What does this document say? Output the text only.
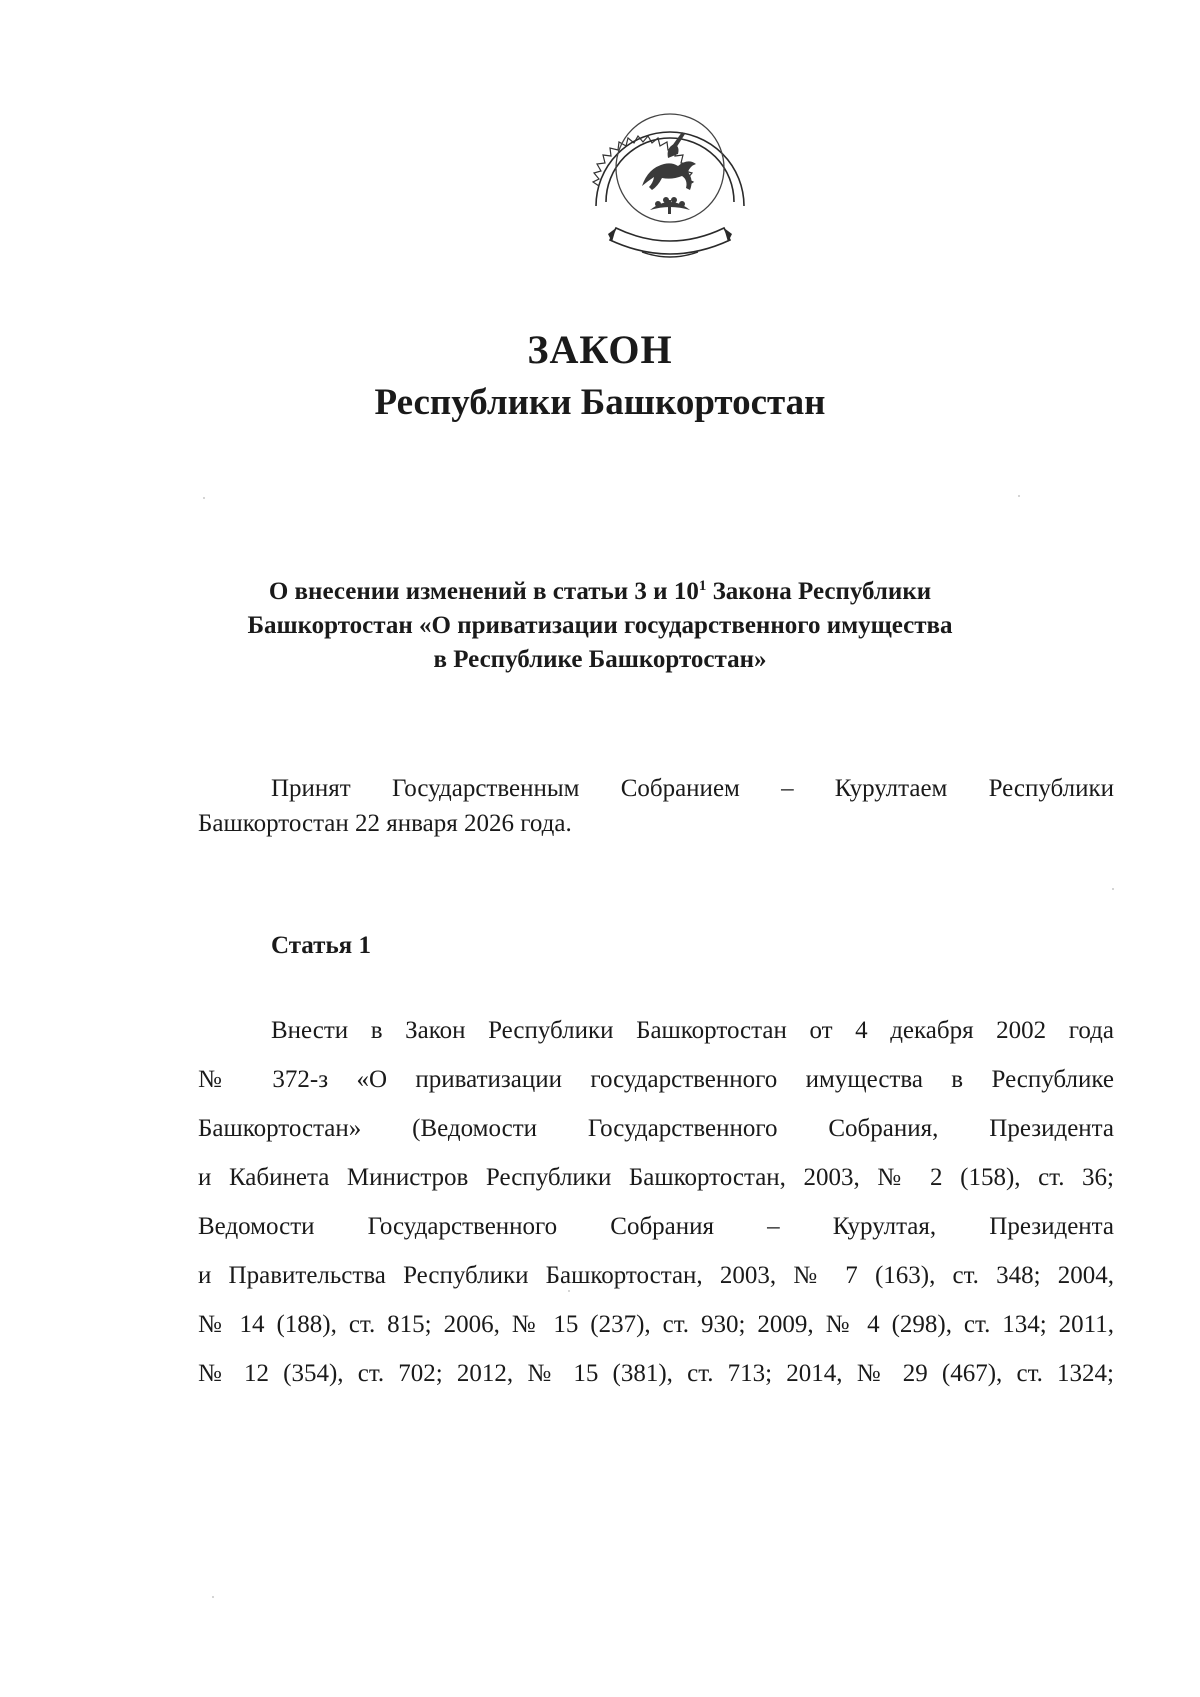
ЗАКОН
Республики Башкортостан

О внесении изменений в статьи 3 и $10^1$ Закона Республики
Башкортостан «О приватизации государственного имущества
в Республике Башкортостан»

Принят Государственным Собранием – Курултаем Республики
Башкортостан 22 января 2026 года.

Статья 1

Внести в Закон Республики Башкортостан от 4 декабря 2002 года
№ 372-з «О приватизации государственного имущества в Республике
Башкортостан» (Ведомости Государственного Собрания, Президента
и Кабинета Министров Республики Башкортостан, 2003, № 2 (158), ст. 36;
Ведомости Государственного Собрания – Курултая, Президента
и Правительства Республики Башкортостан, 2003, № 7 (163), ст. 348; 2004,
№ 14 (188), ст. 815; 2006, № 15 (237), ст. 930; 2009, № 4 (298), ст. 134; 2011,
№ 12 (354), ст. 702; 2012, № 15 (381), ст. 713; 2014, № 29 (467), ст. 1324;
